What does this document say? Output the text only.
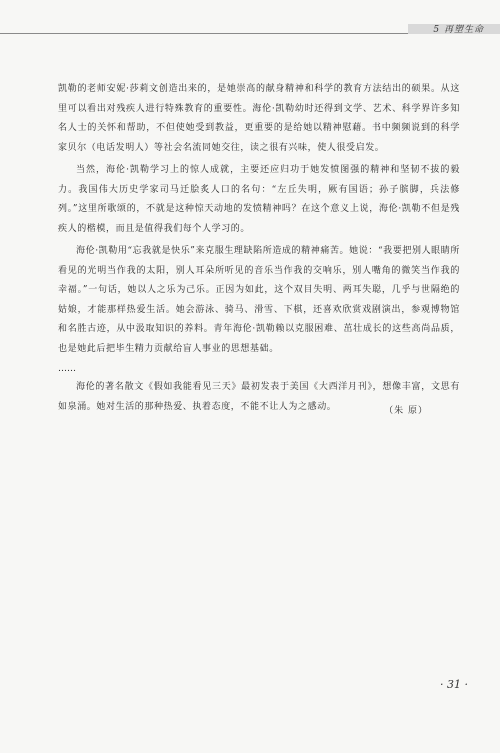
5 再塑生命

凯勒的老师安妮·莎莉文创造出来的，是她崇高的献身精神和科学的教育方法结出的硕果。从这里可以看出对残疾人进行特殊教育的重要性。海伦·凯勒幼时还得到文学、艺术、科学界许多知名人士的关怀和帮助，不但使她受到教益，更重要的是给她以精神慰藉。书中频频说到的科学家贝尔（电话发明人）等社会名流同她交往，读之很有兴味，使人很受启发。

当然，海伦·凯勒学习上的惊人成就，主要还应归功于她发愤图强的精神和坚韧不拔的毅力。我国伟大历史学家司马迁脍炙人口的名句：“左丘失明，厥有国语；孙子膑脚，兵法修列。”这里所歌颂的，不就是这种惊天动地的发愤精神吗？在这个意义上说，海伦·凯勒不但是残疾人的楷模，而且是值得我们每个人学习的。

海伦·凯勒用“忘我就是快乐”来克服生理缺陷所造成的精神痛苦。她说：“我要把别人眼睛所看见的光明当作我的太阳，别人耳朵所听见的音乐当作我的交响乐，别人嘴角的微笑当作我的幸福。”一句话，她以人之乐为己乐。正因为如此，这个双目失明、两耳失聪，几乎与世隔绝的姑娘，才能那样热爱生活。她会游泳、骑马、滑雪、下棋，还喜欢欣赏戏剧演出，参观博物馆和名胜古迹，从中汲取知识的养料。青年海伦·凯勒赖以克服困难、茁壮成长的这些高尚品质，也是她此后把毕生精力贡献给盲人事业的思想基础。

……

海伦的著名散文《假如我能看见三天》最初发表于美国《大西洋月刊》，想像丰富，文思有如泉涌。她对生活的那种热爱、执着态度，不能不让人为之感动。	（朱 原）
· 31 ·
